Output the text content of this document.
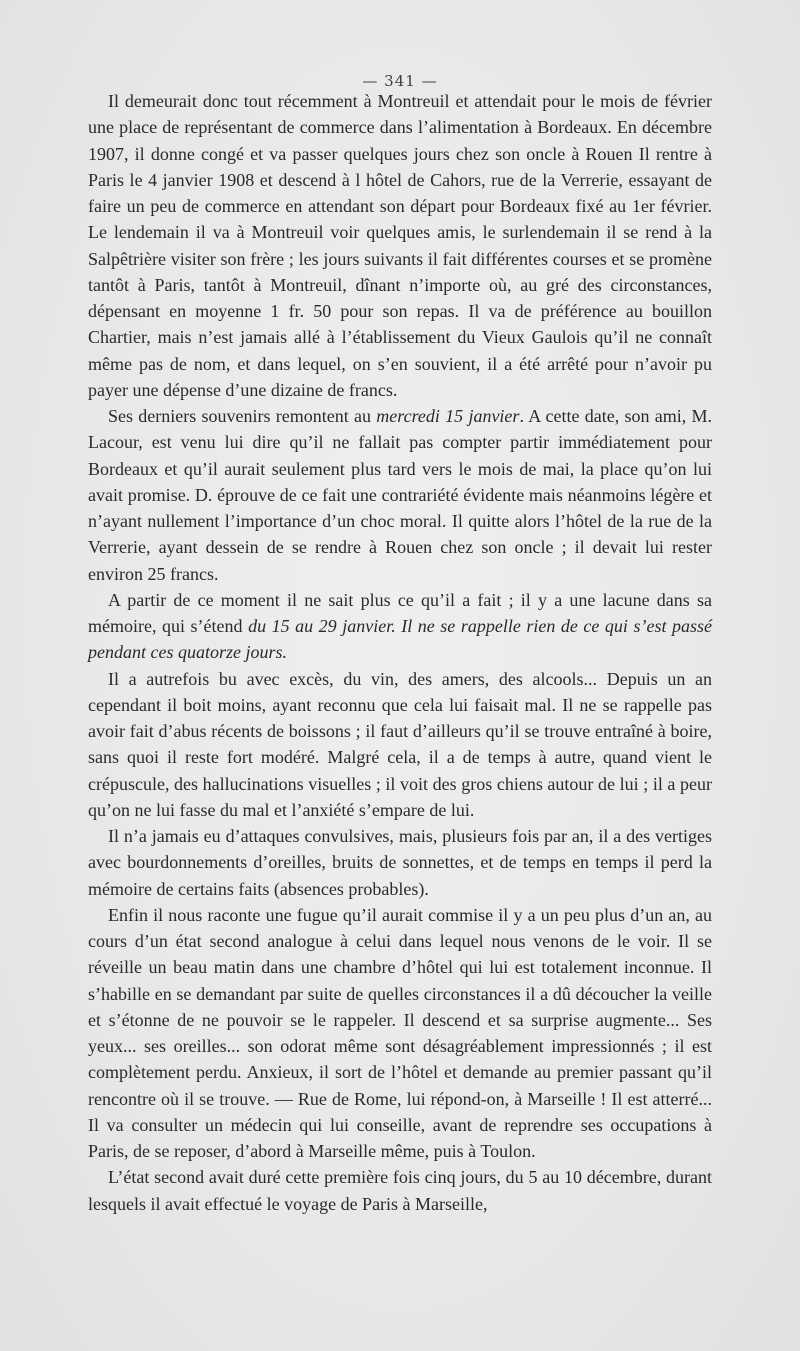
— 341 —

Il demeurait donc tout récemment à Montreuil et attendait pour le mois de février une place de représentant de commerce dans l’alimentation à Bordeaux. En décembre 1907, il donne congé et va passer quelques jours chez son oncle à Rouen Il rentre à Paris le 4 janvier 1908 et descend à l hôtel de Cahors, rue de la Verrerie, essayant de faire un peu de commerce en attendant son départ pour Bordeaux fixé au 1er février. Le lendemain il va à Montreuil voir quelques amis, le surlendemain il se rend à la Salpêtrière visiter son frère ; les jours suivants il fait différentes courses et se promène tantôt à Paris, tantôt à Montreuil, dînant n’importe où, au gré des circonstances, dépensant en moyenne 1 fr. 50 pour son repas. Il va de préférence au bouillon Chartier, mais n’est jamais allé à l’établissement du Vieux Gaulois qu’il ne connaît même pas de nom, et dans lequel, on s’en souvient, il a été arrêté pour n’avoir pu payer une dépense d’une dizaine de francs.

Ses derniers souvenirs remontent au mercredi 15 janvier. A cette date, son ami, M. Lacour, est venu lui dire qu’il ne fallait pas compter partir immédiatement pour Bordeaux et qu’il aurait seulement plus tard vers le mois de mai, la place qu’on lui avait promise. D. éprouve de ce fait une contrariété évidente mais néanmoins légère et n’ayant nullement l’importance d’un choc moral. Il quitte alors l’hôtel de la rue de la Verrerie, ayant dessein de se rendre à Rouen chez son oncle ; il devait lui rester environ 25 francs.

A partir de ce moment il ne sait plus ce qu’il a fait ; il y a une lacune dans sa mémoire, qui s’étend du 15 au 29 janvier. Il ne se rappelle rien de ce qui s’est passé pendant ces quatorze jours.

Il a autrefois bu avec excès, du vin, des amers, des alcools... Depuis un an cependant il boit moins, ayant reconnu que cela lui faisait mal. Il ne se rappelle pas avoir fait d’abus récents de boissons ; il faut d’ailleurs qu’il se trouve entraîné à boire, sans quoi il reste fort modéré. Malgré cela, il a de temps à autre, quand vient le crépuscule, des hallucinations visuelles ; il voit des gros chiens autour de lui ; il a peur qu’on ne lui fasse du mal et l’anxiété s’empare de lui.

Il n’a jamais eu d’attaques convulsives, mais, plusieurs fois par an, il a des vertiges avec bourdonnements d’oreilles, bruits de sonnettes, et de temps en temps il perd la mémoire de certains faits (absences probables).

Enfin il nous raconte une fugue qu’il aurait commise il y a un peu plus d’un an, au cours d’un état second analogue à celui dans lequel nous venons de le voir. Il se réveille un beau matin dans une chambre d’hôtel qui lui est totalement inconnue. Il s’habille en se demandant par suite de quelles circonstances il a dû découcher la veille et s’étonne de ne pouvoir se le rappeler. Il descend et sa surprise augmente... Ses yeux... ses oreilles... son odorat même sont désagréablement impressionnés ; il est complètement perdu. Anxieux, il sort de l’hôtel et demande au premier passant qu’il rencontre où il se trouve. — Rue de Rome, lui répond-on, à Marseille ! Il est atterré... Il va consulter un médecin qui lui conseille, avant de reprendre ses occupations à Paris, de se reposer, d’abord à Marseille même, puis à Toulon.

L’état second avait duré cette première fois cinq jours, du 5 au 10 décembre, durant lesquels il avait effectué le voyage de Paris à Marseille,
